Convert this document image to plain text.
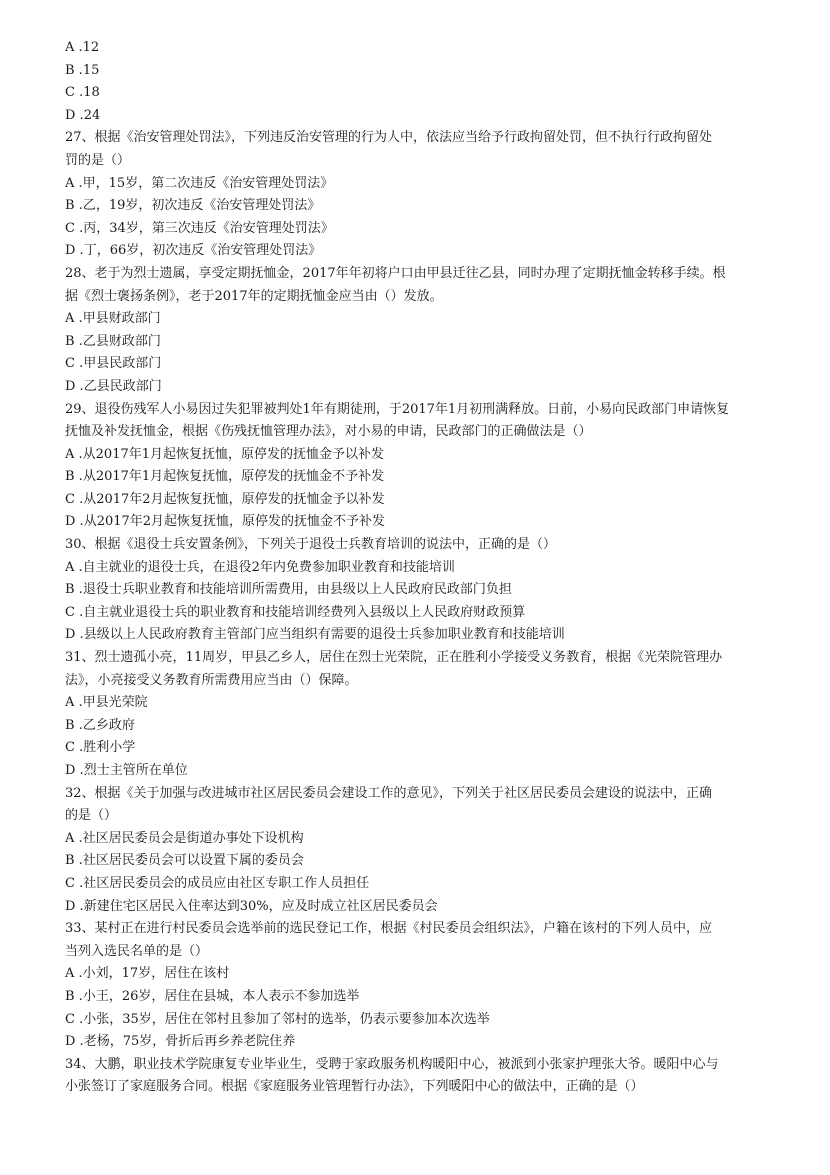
A .12
B .15
C .18
D .24
27、根据《治安管理处罚法》，下列违反治安管理的行为人中，依法应当给予行政拘留处罚，但不执行行政拘留处
罚的是（）
A .甲，15岁，第二次违反《治安管理处罚法》
B .乙，19岁，初次违反《治安管理处罚法》
C .丙，34岁，第三次违反《治安管理处罚法》
D .丁，66岁，初次违反《治安管理处罚法》
28、老于为烈士遗属，享受定期抚恤金，2017年年初将户口由甲县迁往乙县，同时办理了定期抚恤金转移手续。根
据《烈士褒扬条例》，老于2017年的定期抚恤金应当由（）发放。
A .甲县财政部门
B .乙县财政部门
C .甲县民政部门
D .乙县民政部门
29、退役伤残军人小易因过失犯罪被判处1年有期徒刑，于2017年1月初刑满释放。日前，小易向民政部门申请恢复
抚恤及补发抚恤金，根据《伤残抚恤管理办法》，对小易的申请，民政部门的正确做法是（）
A .从2017年1月起恢复抚恤，原停发的抚恤金予以补发
B .从2017年1月起恢复抚恤，原停发的抚恤金不予补发
C .从2017年2月起恢复抚恤，原停发的抚恤金予以补发
D .从2017年2月起恢复抚恤，原停发的抚恤金不予补发
30、根据《退役士兵安置条例》，下列关于退役士兵教育培训的说法中，正确的是（）
A .自主就业的退役士兵，在退役2年内免费参加职业教育和技能培训
B .退役士兵职业教育和技能培训所需费用，由县级以上人民政府民政部门负担
C .自主就业退役士兵的职业教育和技能培训经费列入县级以上人民政府财政预算
D .县级以上人民政府教育主管部门应当组织有需要的退役士兵参加职业教育和技能培训
31、烈士遗孤小亮，11周岁，甲县乙乡人，居住在烈士光荣院，正在胜利小学接受义务教育，根据《光荣院管理办
法》，小亮接受义务教育所需费用应当由（）保障。
A .甲县光荣院
B .乙乡政府
C .胜利小学
D .烈士主管所在单位
32、根据《关于加强与改进城市社区居民委员会建设工作的意见》，下列关于社区居民委员会建设的说法中，正确
的是（）
A .社区居民委员会是街道办事处下设机构
B .社区居民委员会可以设置下属的委员会
C .社区居民委员会的成员应由社区专职工作人员担任
D .新建住宅区居民入住率达到30%，应及时成立社区居民委员会
33、某村正在进行村民委员会选举前的选民登记工作，根据《村民委员会组织法》，户籍在该村的下列人员中，应
当列入选民名单的是（）
A .小刘，17岁，居住在该村
B .小王，26岁，居住在县城，本人表示不参加选举
C .小张，35岁，居住在邻村且参加了邻村的选举，仍表示要参加本次选举
D .老杨，75岁，骨折后再乡养老院住养
34、大鹏，职业技术学院康复专业毕业生，受聘于家政服务机构暖阳中心，被派到小张家护理张大爷。暖阳中心与
小张签订了家庭服务合同。根据《家庭服务业管理暂行办法》，下列暖阳中心的做法中，正确的是（）
